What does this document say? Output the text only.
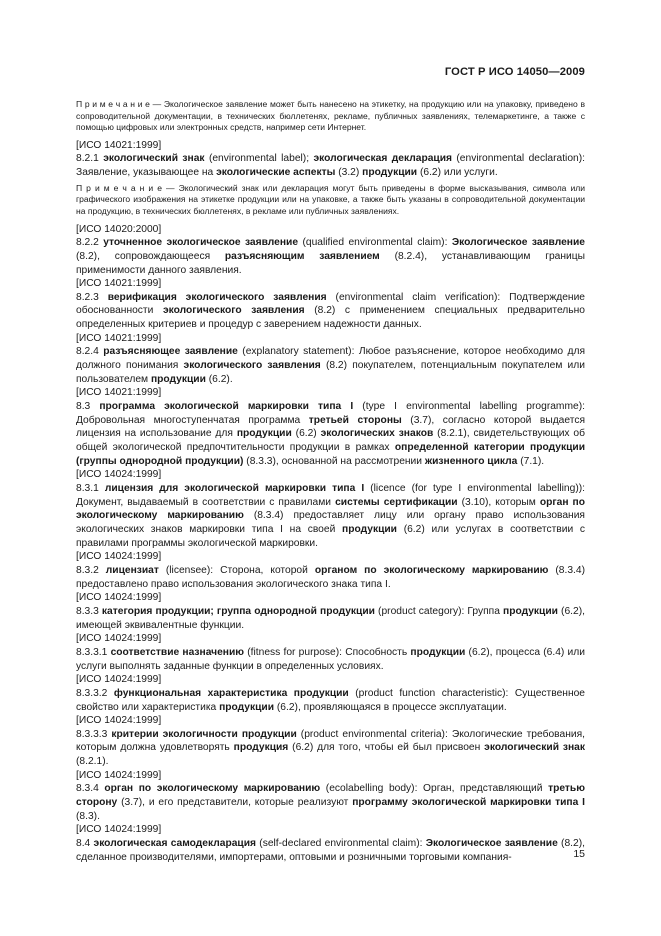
ГОСТ Р ИСО 14050—2009

П р и м е ч а н и е — Экологическое заявление может быть нанесено на этикетку, на продукцию или на упаковку, приведено в сопроводительной документации, в технических бюллетенях, рекламе, публичных заявлениях, телемаркетинге, а также с помощью цифровых или электронных средств, например сети Интернет.

[ИСО 14021:1999]

8.2.1 экологический знак (environmental label); экологическая декларация (environmental declaration): Заявление, указывающее на экологические аспекты (3.2) продукции (6.2) или услуги.

П р и м е ч а н и е — Экологический знак или декларация могут быть приведены в форме высказывания, символа или графического изображения на этикетке продукции или на упаковке, а также быть указаны в сопроводительной документации на продукцию, в технических бюллетенях, в рекламе или публичных заявлениях.

[ИСО 14020:2000]

8.2.2 уточненное экологическое заявление (qualified environmental claim): Экологическое заявление (8.2), сопровождающееся разъясняющим заявлением (8.2.4), устанавливающим границы применимости данного заявления.

[ИСО 14021:1999]

8.2.3 верификация экологического заявления (environmental claim verification): Подтверждение обоснованности экологического заявления (8.2) с применением специальных предварительно определенных критериев и процедур с заверением надежности данных.

[ИСО 14021:1999]

8.2.4 разъясняющее заявление (explanatory statement): Любое разъяснение, которое необходимо для должного понимания экологического заявления (8.2) покупателем, потенциальным покупателем или пользователем продукции (6.2).

[ИСО 14021:1999]

8.3 программа экологической маркировки типа I (type I environmental labelling programme): Добровольная многоступенчатая программа третьей стороны (3.7), согласно которой выдается лицензия на использование для продукции (6.2) экологических знаков (8.2.1), свидетельствующих об общей экологической предпочтительности продукции в рамках определенной категории продукции (группы однородной продукции) (8.3.3), основанной на рассмотрении жизненного цикла (7.1).

[ИСО 14024:1999]

8.3.1 лицензия для экологической маркировки типа I (licence (for type I environmental labelling)): Документ, выдаваемый в соответствии с правилами системы сертификации (3.10), которым орган по экологическому маркированию (8.3.4) предоставляет лицу или органу право использования экологических знаков маркировки типа I на своей продукции (6.2) или услугах в соответствии с правилами программы экологической маркировки.

[ИСО 14024:1999]

8.3.2 лицензиат (licensee): Сторона, которой органом по экологическому маркированию (8.3.4) предоставлено право использования экологического знака типа I.

[ИСО 14024:1999]

8.3.3 категория продукции; группа однородной продукции (product category): Группа продукции (6.2), имеющей эквивалентные функции.

[ИСО 14024:1999]

8.3.3.1 соответствие назначению (fitness for purpose): Способность продукции (6.2), процесса (6.4) или услуги выполнять заданные функции в определенных условиях.

[ИСО 14024:1999]

8.3.3.2 функциональная характеристика продукции (product function characteristic): Существенное свойство или характеристика продукции (6.2), проявляющаяся в процессе эксплуатации.

[ИСО 14024:1999]

8.3.3.3 критерии экологичности продукции (product environmental criteria): Экологические требования, которым должна удовлетворять продукция (6.2) для того, чтобы ей был присвоен экологический знак (8.2.1).

[ИСО 14024:1999]

8.3.4 орган по экологическому маркированию (ecolabelling body): Орган, представляющий третью сторону (3.7), и его представители, которые реализуют программу экологической маркировки типа I (8.3).

[ИСО 14024:1999]

8.4 экологическая самодекларация (self-declared environmental claim): Экологическое заявление (8.2), сделанное производителями, импортерами, оптовыми и розничными торговыми компания-	15
